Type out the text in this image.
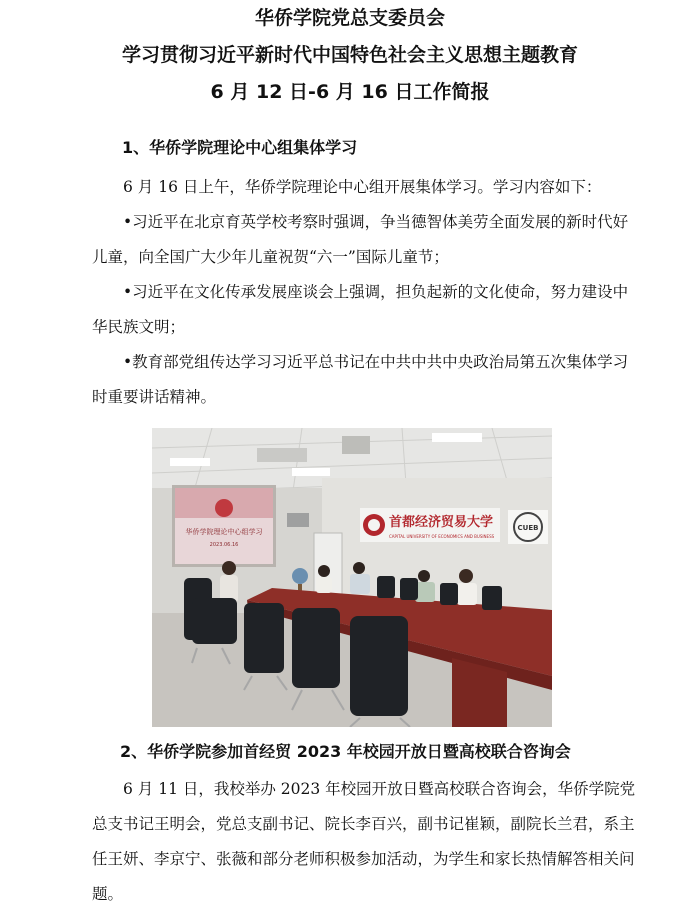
华侨学院党总支委员会
学习贯彻习近平新时代中国特色社会主义思想主题教育
6 月 12 日-6 月 16 日工作简报
1、华侨学院理论中心组集体学习
6 月 16 日上午，华侨学院理论中心组开展集体学习。学习内容如下：
•习近平在北京育英学校考察时强调，争当德智体美劳全面发展的新时代好儿童，向全国广大少年儿童祝贺“六一”国际儿童节；
•习近平在文化传承发展座谈会上强调，担负起新的文化使命，努力建设中华民族文明；
•教育部党组传达学习习近平总书记在中共中共中央政治局第五次集体学习时重要讲话精神。
华侨学院理论中心组学习
2023.06.16
首都经济贸易大学
CAPITAL UNIVERSITY OF ECONOMICS AND BUSINESS
CUEB
2、华侨学院参加首经贸 2023 年校园开放日暨高校联合咨询会
6 月 11 日，我校举办 2023 年校园开放日暨高校联合咨询会，华侨学院党总支书记王明会，党总支副书记、院长李百兴，副书记崔颖，副院长兰君，系主任王妍、李京宁、张薇和部分老师积极参加活动，为学生和家长热情解答相关问题。
